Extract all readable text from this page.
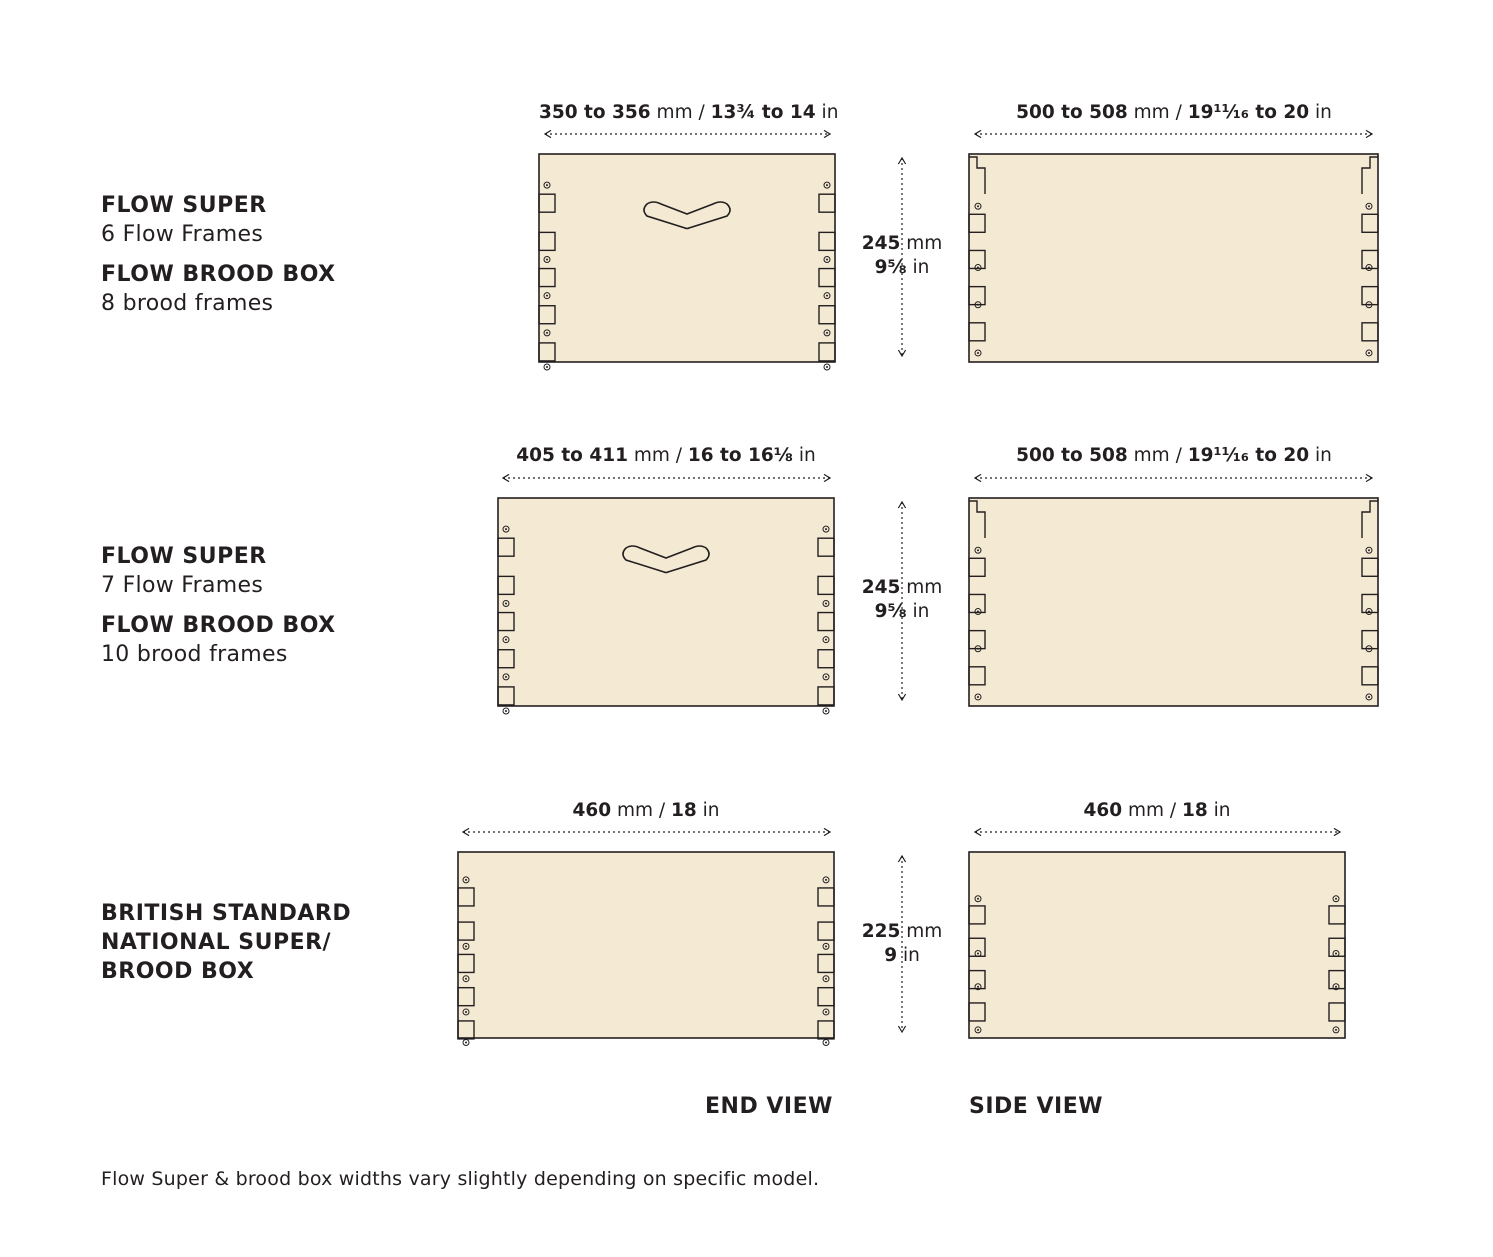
FLOW SUPER
6 Flow Frames
FLOW BROOD BOX
8 brood frames
FLOW SUPER
7 Flow Frames
FLOW BROOD BOX
10 brood frames
BRITISH STANDARD
NATIONAL SUPER/
BROOD BOX
350 to 356 mm / 13¾ to 14 in	500 to 508 mm / 19¹¹⁄₁₆ to 20 in
405 to 411 mm / 16 to 16⅛ in	500 to 508 mm / 19¹¹⁄₁₆ to 20 in
460 mm / 18 in	460 mm / 18 in
245 mm
9⅝ in
245 mm
9⅝ in
225 mm
9 in
END VIEW	SIDE VIEW
Flow Super & brood box widths vary slightly depending on specific model.
